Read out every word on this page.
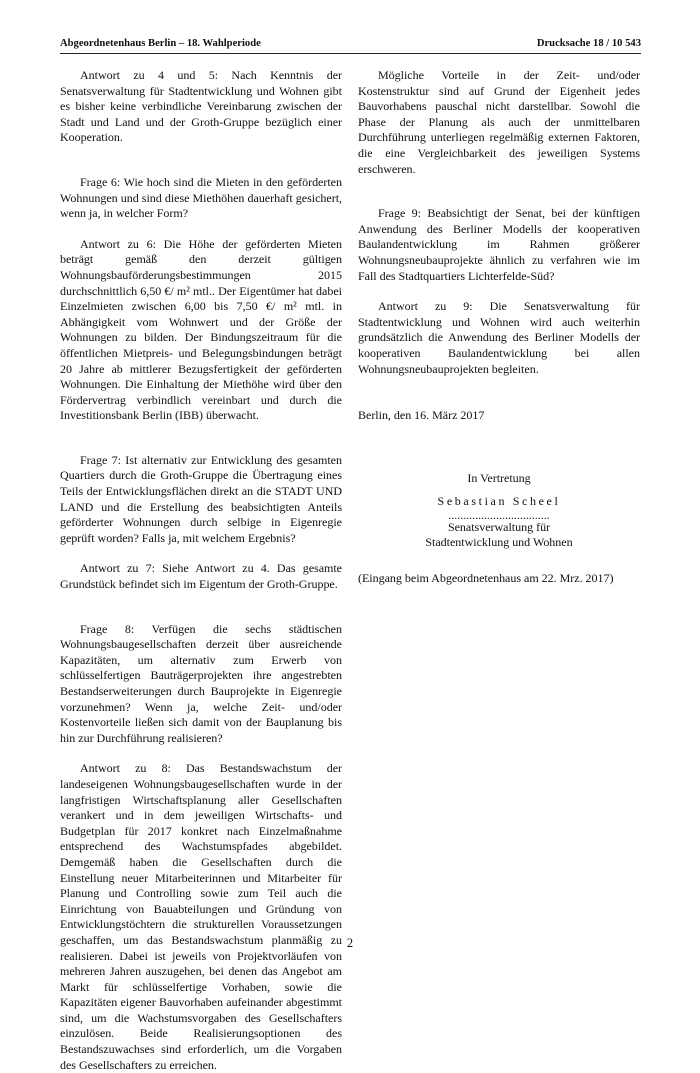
Abgeordnetenhaus Berlin – 18. Wahlperiode	Drucksache 18 / 10 543

Antwort zu 4 und 5: Nach Kenntnis der Senatsverwaltung für Stadtentwicklung und Wohnen gibt es bisher keine verbindliche Vereinbarung zwischen der Stadt und Land und der Groth-Gruppe bezüglich einer Kooperation.

Frage 6: Wie hoch sind die Mieten in den geförderten Wohnungen und sind diese Miethöhen dauerhaft gesichert, wenn ja, in welcher Form?

Antwort zu 6: Die Höhe der geförderten Mieten beträgt gemäß den derzeit gültigen Wohnungsbauförderungsbestimmungen 2015 durchschnittlich 6,50 €/ m² mtl.. Der Eigentümer hat dabei Einzelmieten zwischen 6,00 bis 7,50 €/ m² mtl. in Abhängigkeit vom Wohnwert und der Größe der Wohnungen zu bilden. Der Bindungszeitraum für die öffentlichen Mietpreis- und Belegungsbindungen beträgt 20 Jahre ab mittlerer Bezugsfertigkeit der geförderten Wohnungen. Die Einhaltung der Miethöhe wird über den Fördervertrag verbindlich vereinbart und durch die Investitionsbank Berlin (IBB) überwacht.

Frage 7: Ist alternativ zur Entwicklung des gesamten Quartiers durch die Groth-Gruppe die Übertragung eines Teils der Entwicklungsflächen direkt an die STADT UND LAND und die Erstellung des beabsichtigten Anteils geförderter Wohnungen durch selbige in Eigenregie geprüft worden? Falls ja, mit welchem Ergebnis?

Antwort zu 7: Siehe Antwort zu 4. Das gesamte Grundstück befindet sich im Eigentum der Groth-Gruppe.

Frage 8: Verfügen die sechs städtischen Wohnungsbaugesellschaften derzeit über ausreichende Kapazitäten, um alternativ zum Erwerb von schlüsselfertigen Bauträgerprojekten ihre angestrebten Bestandserweiterungen durch Bauprojekte in Eigenregie vorzunehmen? Wenn ja, welche Zeit- und/oder Kostenvorteile ließen sich damit von der Bauplanung bis hin zur Durchführung realisieren?

Antwort zu 8: Das Bestandswachstum der landeseigenen Wohnungsbaugesellschaften wurde in der langfristigen Wirtschaftsplanung aller Gesellschaften verankert und in dem jeweiligen Wirtschafts- und Budgetplan für 2017 konkret nach Einzelmaßnahme entsprechend des Wachstumspfades abgebildet. Demgemäß haben die Gesellschaften durch die Einstellung neuer Mitarbeiterinnen und Mitarbeiter für Planung und Controlling sowie zum Teil auch die Einrichtung von Bauabteilungen und Gründung von Entwicklungstöchtern die strukturellen Voraussetzungen geschaffen, um das Bestandswachstum planmäßig zu realisieren. Dabei ist jeweils von Projektvorläufen von mehreren Jahren auszugehen, bei denen das Angebot am Markt für schlüsselfertige Vorhaben, sowie die Kapazitäten eigener Bauvorhaben aufeinander abgestimmt sind, um die Wachstumsvorgaben des Gesellschafters einzulösen. Beide Realisierungsoptionen des Bestandszuwachses sind erforderlich, um die Vorgaben des Gesellschafters zu erreichen.

Mögliche Vorteile in der Zeit- und/oder Kostenstruktur sind auf Grund der Eigenheit jedes Bauvorhabens pauschal nicht darstellbar. Sowohl die Phase der Planung als auch der unmittelbaren Durchführung unterliegen regelmäßig externen Faktoren, die eine Vergleichbarkeit des jeweiligen Systems erschweren.

Frage 9: Beabsichtigt der Senat, bei der künftigen Anwendung des Berliner Modells der kooperativen Baulandentwicklung im Rahmen größerer Wohnungsneubauprojekte ähnlich zu verfahren wie im Fall des Stadtquartiers Lichterfelde-Süd?

Antwort zu 9: Die Senatsverwaltung für Stadtentwicklung und Wohnen wird auch weiterhin grundsätzlich die Anwendung des Berliner Modells der kooperativen Baulandentwicklung bei allen Wohnungsneubauprojekten begleiten.

Berlin, den 16. März 2017

In Vertretung

Sebastian Scheel

..................................

Senatsverwaltung für

Stadtentwicklung und Wohnen

(Eingang beim Abgeordnetenhaus am 22. Mrz. 2017)

2
